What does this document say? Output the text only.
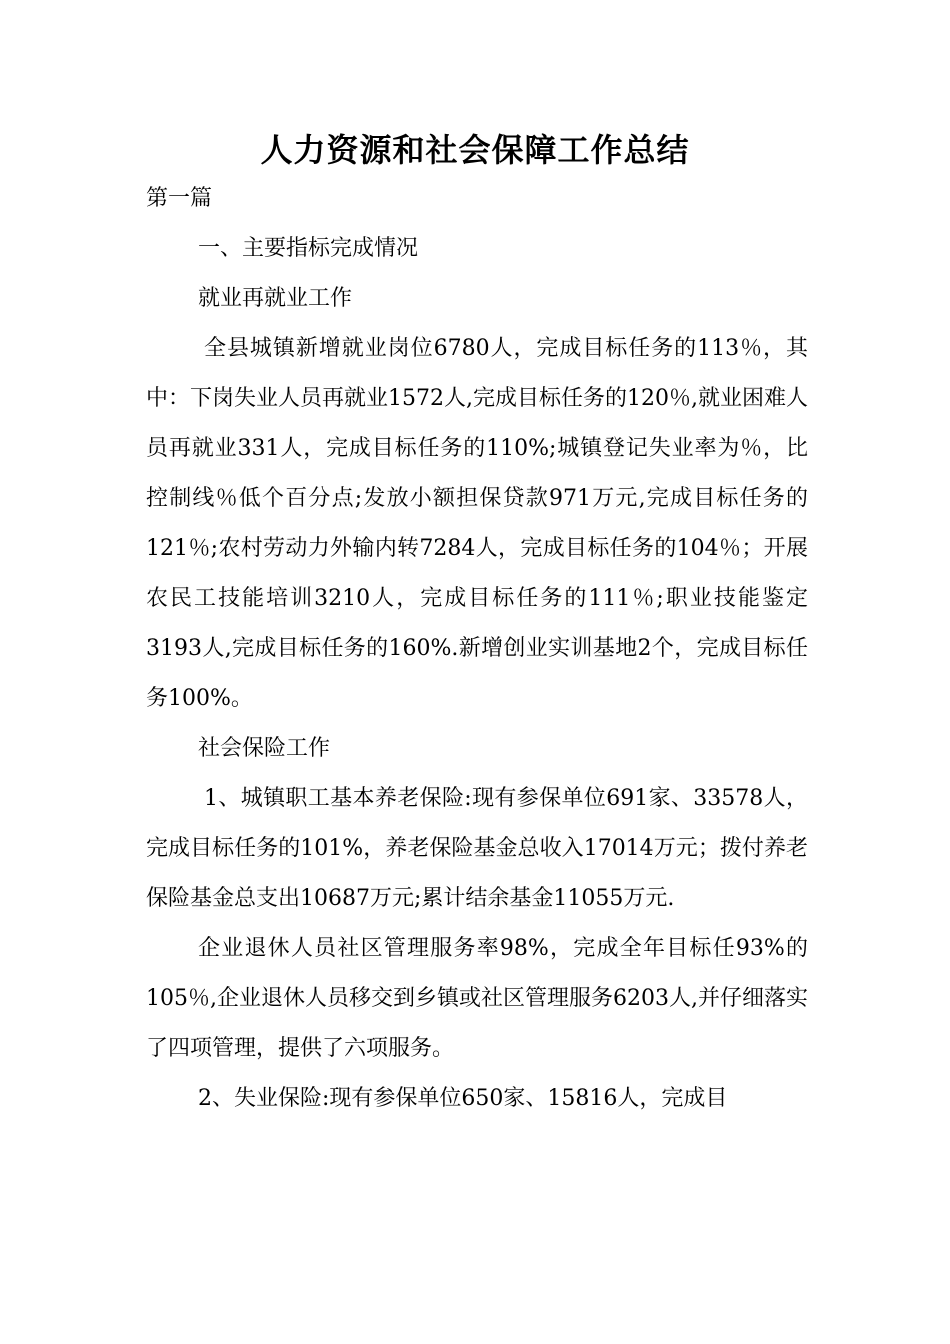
人力资源和社会保障工作总结

第一篇

一、主要指标完成情况

就业再就业工作

全县城镇新增就业岗位6780人，完成目标任务的113％，其中：下岗失业人员再就业1572人,完成目标任务的120％,就业困难人员再就业331人，完成目标任务的110%;城镇登记失业率为％，比控制线％低个百分点;发放小额担保贷款971万元,完成目标任务的121％;农村劳动力外输内转7284人，完成目标任务的104％；开展农民工技能培训3210人，完成目标任务的111％;职业技能鉴定3193人,完成目标任务的160%.新增创业实训基地2个，完成目标任务100%。

社会保险工作

1、城镇职工基本养老保险:现有参保单位691家、33578人，完成目标任务的101%，养老保险基金总收入17014万元；拨付养老保险基金总支出10687万元;累计结余基金11055万元.

企业退休人员社区管理服务率98%，完成全年目标任93%的105％,企业退休人员移交到乡镇或社区管理服务6203人,并仔细落实了四项管理，提供了六项服务。

2、失业保险:现有参保单位650家、15816人，完成目
